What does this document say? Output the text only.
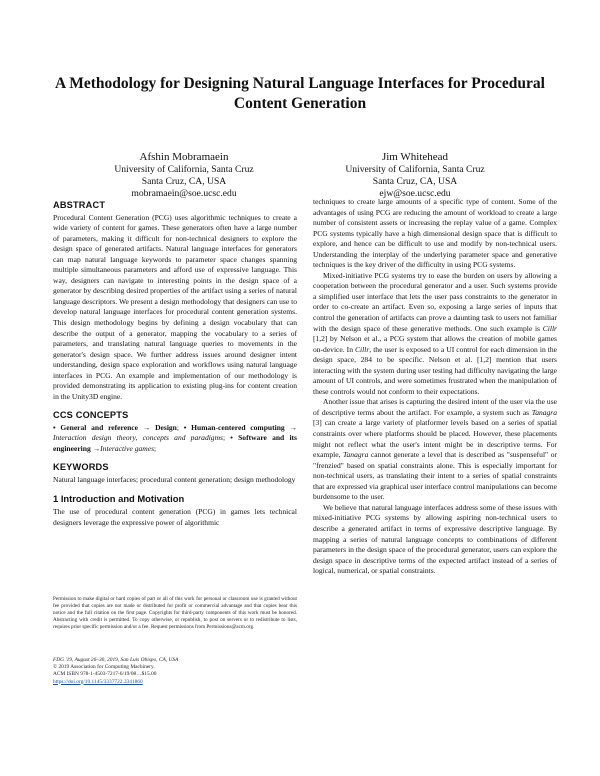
A Methodology for Designing Natural Language Interfaces for Procedural Content Generation
Afshin Mobramaein
University of California, Santa Cruz
Santa Cruz, CA, USA
mobramaein@soe.ucsc.edu
Jim Whitehead
University of California, Santa Cruz
Santa Cruz, CA, USA
ejw@soe.ucsc.edu
ABSTRACT

Procedural Content Generation (PCG) uses algorithmic techniques to create a wide variety of content for games. These generators often have a large number of parameters, making it difficult for non-technical designers to explore the design space of generated artifacts. Natural language interfaces for generators can map natural language keywords to parameter space changes spanning multiple simultaneous parameters and afford use of expressive language. This way, designers can navigate to interesting points in the design space of a generator by describing desired properties of the artifact using a series of natural language descriptors. We present a design methodology that designers can use to develop natural language interfaces for procedural content generation systems. This design methodology begins by defining a design vocabulary that can describe the output of a generator, mapping the vocabulary to a series of parameters, and translating natural language queries to movements in the generator's design space. We further address issues around designer intent understanding, design space exploration and workflows using natural language interfaces in PCG. An example and implementation of our methodology is provided demonstrating its application to existing plug-ins for content creation in the Unity3D engine.

CCS CONCEPTS

• General and reference → Design; • Human-centered computing → Interaction design theory, concepts and paradigms; • Software and its engineering →Interactive games;

KEYWORDS

Natural language interfaces; procedural content generation; design methodology

1 Introduction and Motivation

The use of procedural content generation (PCG) in games lets technical designers leverage the expressive power of algorithmic

Permission to make digital or hard copies of part or all of this work for personal or classroom use is granted without fee provided that copies are not made or distributed for profit or commercial advantage and that copies bear this notice and the full citation on the first page. Copyrights for third-party components of this work must be honored. Abstracting with credit is permitted. To copy otherwise, or republish, to post on servers or to redistribute to lists, requires prior specific permission and/or a fee. Request permissions from Permissions@acm.org.
FDG '19, August 26–30, 2019, San Luis Obispo, CA, USA
© 2019 Association for Computing Machinery.
ACM ISBN 978-1-4503-7217-6/19/08…$15.00
https://doi.org/10.1145/3337722.3341860

techniques to create large amounts of a specific type of content. Some of the advantages of using PCG are reducing the amount of workload to create a large number of consistent assets or increasing the replay value of a game. Complex PCG systems typically have a high dimensional design space that is difficult to explore, and hence can be difficult to use and modify by non-technical users. Understanding the interplay of the underlying parameter space and generative techniques is the key driver of the difficulty in using PCG systems.

Mixed-initiative PCG systems try to ease the burden on users by allowing a cooperation between the procedural generator and a user. Such systems provide a simplified user interface that lets the user pass constraints to the generator in order to co-create an artifact. Even so, exposing a large series of inputs that control the generation of artifacts can prove a daunting task to users not familiar with the design space of these generative methods. One such example is Cillr [1,2] by Nelson et al., a PCG system that allows the creation of mobile games on-device. In Cillr, the user is exposed to a UI control for each dimension in the design space, 284 to be specific. Nelson et al. [1,2] mention that users interacting with the system during user testing had difficulty navigating the large amount of UI controls, and were sometimes frustrated when the manipulation of these controls would not conform to their expectations.

Another issue that arises is capturing the desired intent of the user via the use of descriptive terms about the artifact. For example, a system such as Tanagra [3] can create a large variety of platformer levels based on a series of spatial constraints over where platforms should be placed. However, these placements might not reflect what the user's intent might be in descriptive terms. For example, Tanagra cannot generate a level that is described as "suspenseful" or "frenzied" based on spatial constraints alone. This is especially important for non-technical users, as translating their intent to a series of spatial constraints that are expressed via graphical user interface control manipulations can become burdensome to the user.

We believe that natural language interfaces address some of these issues with mixed-initiative PCG systems by allowing aspiring non-technical users to describe a generated artifact in terms of expressive descriptive language. By mapping a series of natural language concepts to combinations of different parameters in the design space of the procedural generator, users can explore the design space in descriptive terms of the expected artifact instead of a series of logical, numerical, or spatial constraints.
